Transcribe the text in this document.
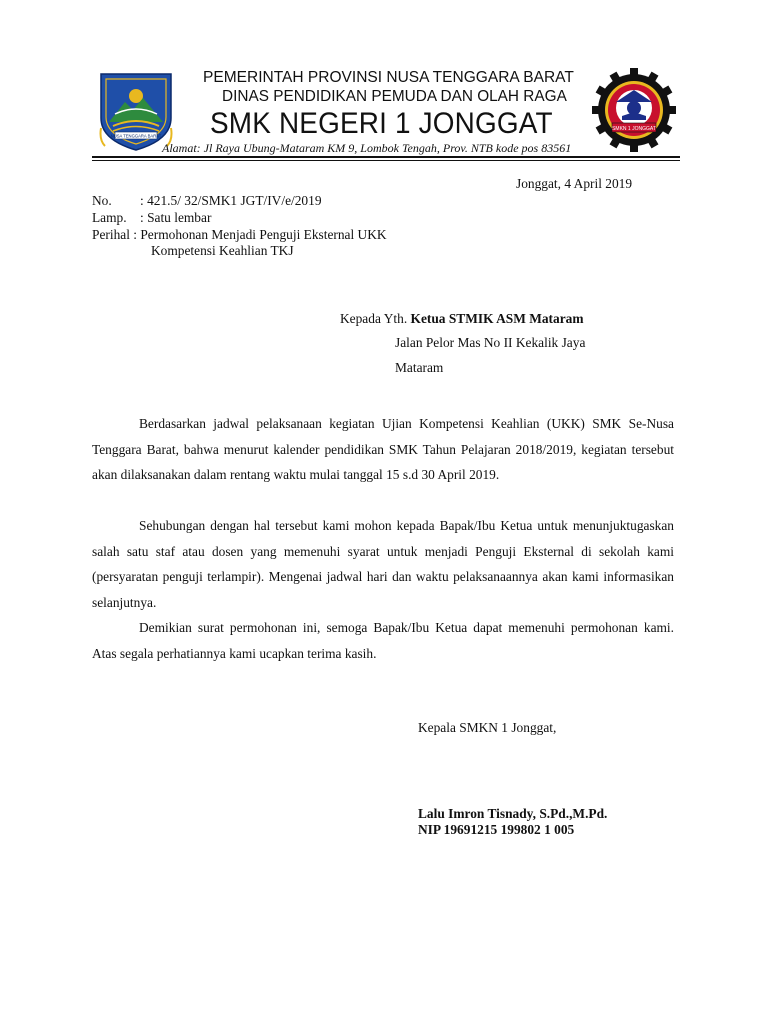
NUSA TENGGARA BARAT
PEMERINTAH PROVINSI NUSA TENGGARA BARAT
DINAS PENDIDIKAN PEMUDA DAN OLAH RAGA
SMK NEGERI 1 JONGGAT
Alamat: Jl Raya Ubung-Mataram KM 9, Lombok Tengah, Prov. NTB kode pos 83561
SMKN 1 JONGGAT
Jonggat, 4 April 2019
No. : 421.5/ 32/SMK1 JGT/IV/e/2019
Lamp. : Satu lembar
Perihal : Permohonan Menjadi Penguji Eksternal UKK
Kompetensi Keahlian TKJ
Kepada Yth. Ketua STMIK ASM Mataram
Jalan Pelor Mas No II Kekalik Jaya
Mataram
Berdasarkan jadwal pelaksanaan kegiatan Ujian Kompetensi Keahlian (UKK) SMK Se-Nusa Tenggara Barat, bahwa menurut kalender pendidikan SMK Tahun Pelajaran 2018/2019, kegiatan tersebut akan dilaksanakan dalam rentang waktu mulai tanggal 15 s.d 30 April 2019.
Sehubungan dengan hal tersebut kami mohon kepada Bapak/Ibu Ketua untuk menunjuktugaskan salah satu staf atau dosen yang memenuhi syarat untuk menjadi Penguji Eksternal di sekolah kami (persyaratan penguji terlampir). Mengenai jadwal hari dan waktu pelaksanaannya akan kami informasikan selanjutnya.
Demikian surat permohonan ini, semoga Bapak/Ibu Ketua dapat memenuhi permohonan kami. Atas segala perhatiannya kami ucapkan terima kasih.
Kepala SMKN 1 Jonggat,
Lalu Imron Tisnady, S.Pd.,M.Pd.
NIP 19691215 199802 1 005
